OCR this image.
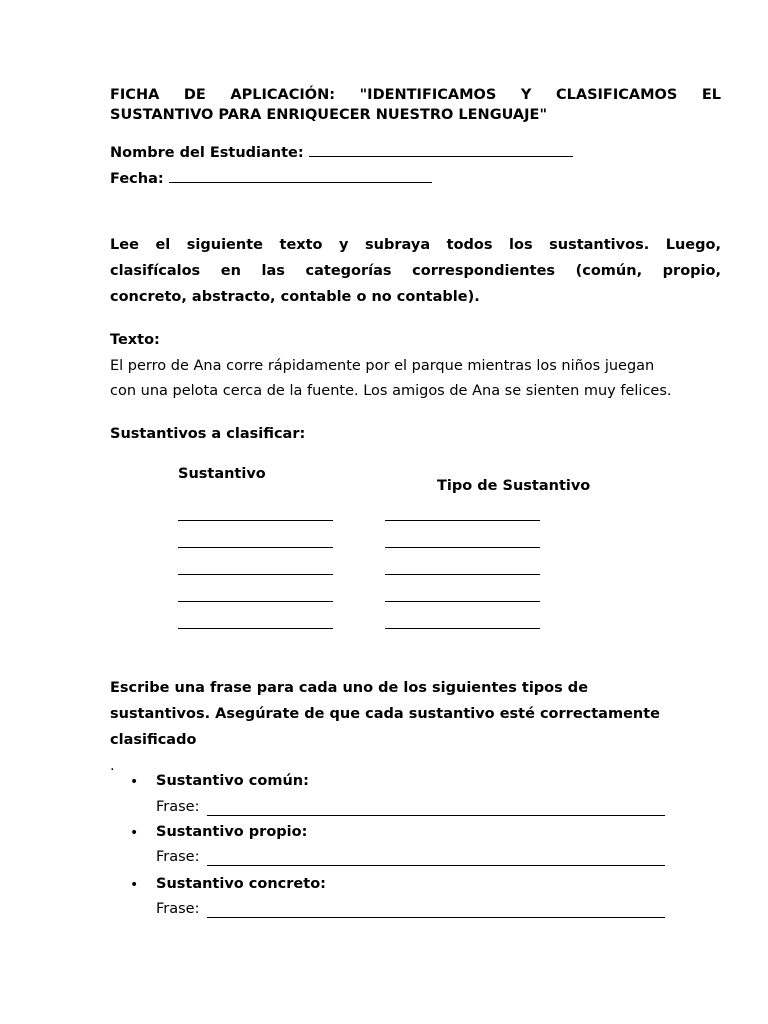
FICHA DE APLICACIÓN: "IDENTIFICAMOS Y CLASIFICAMOS EL
SUSTANTIVO PARA ENRIQUECER NUESTRO LENGUAJE"
Nombre del Estudiante:
Fecha:
Lee el siguiente texto y subraya todos los sustantivos. Luego,
clasifícalos en las categorías correspondientes (común, propio,
concreto, abstracto, contable o no contable).
Texto:
El perro de Ana corre rápidamente por el parque mientras los niños juegan
con una pelota cerca de la fuente. Los amigos de Ana se sienten muy felices.
Sustantivos a clasificar:
Sustantivo
Tipo de Sustantivo
Escribe una frase para cada uno de los siguientes tipos de
sustantivos. Asegúrate de que cada sustantivo esté correctamente
clasificado
.
• Sustantivo común:
Frase:
• Sustantivo propio:
Frase:
• Sustantivo concreto:
Frase:
